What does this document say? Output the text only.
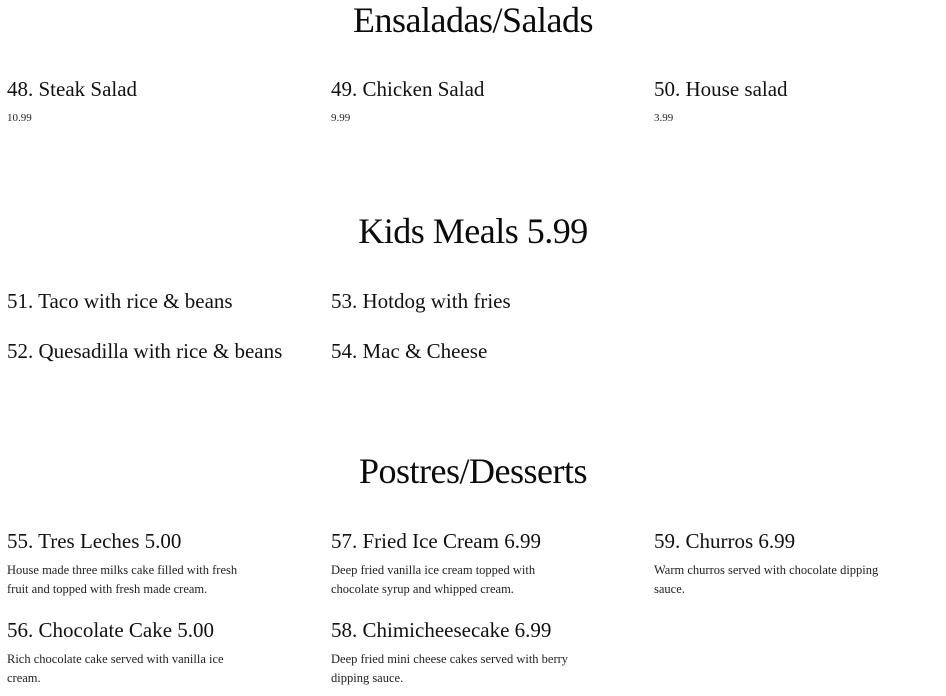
Ensaladas/Salads
48. Steak Salad
10.99
49. Chicken Salad
9.99
50. House salad
3.99
Kids Meals 5.99
51. Taco with rice & beans
52. Quesadilla with rice & beans
53. Hotdog with fries
54. Mac & Cheese
Postres/Desserts
55. Tres Leches 5.00
House made three milks cake filled with fresh fruit and topped with fresh made cream.
57. Fried Ice Cream 6.99
Deep fried vanilla ice cream topped with chocolate syrup and whipped cream.
59. Churros 6.99
Warm churros served with chocolate dipping sauce.
56. Chocolate Cake 5.00
Rich chocolate cake served with vanilla ice cream.
58. Chimicheesecake 6.99
Deep fried mini cheese cakes served with berry dipping sauce.
